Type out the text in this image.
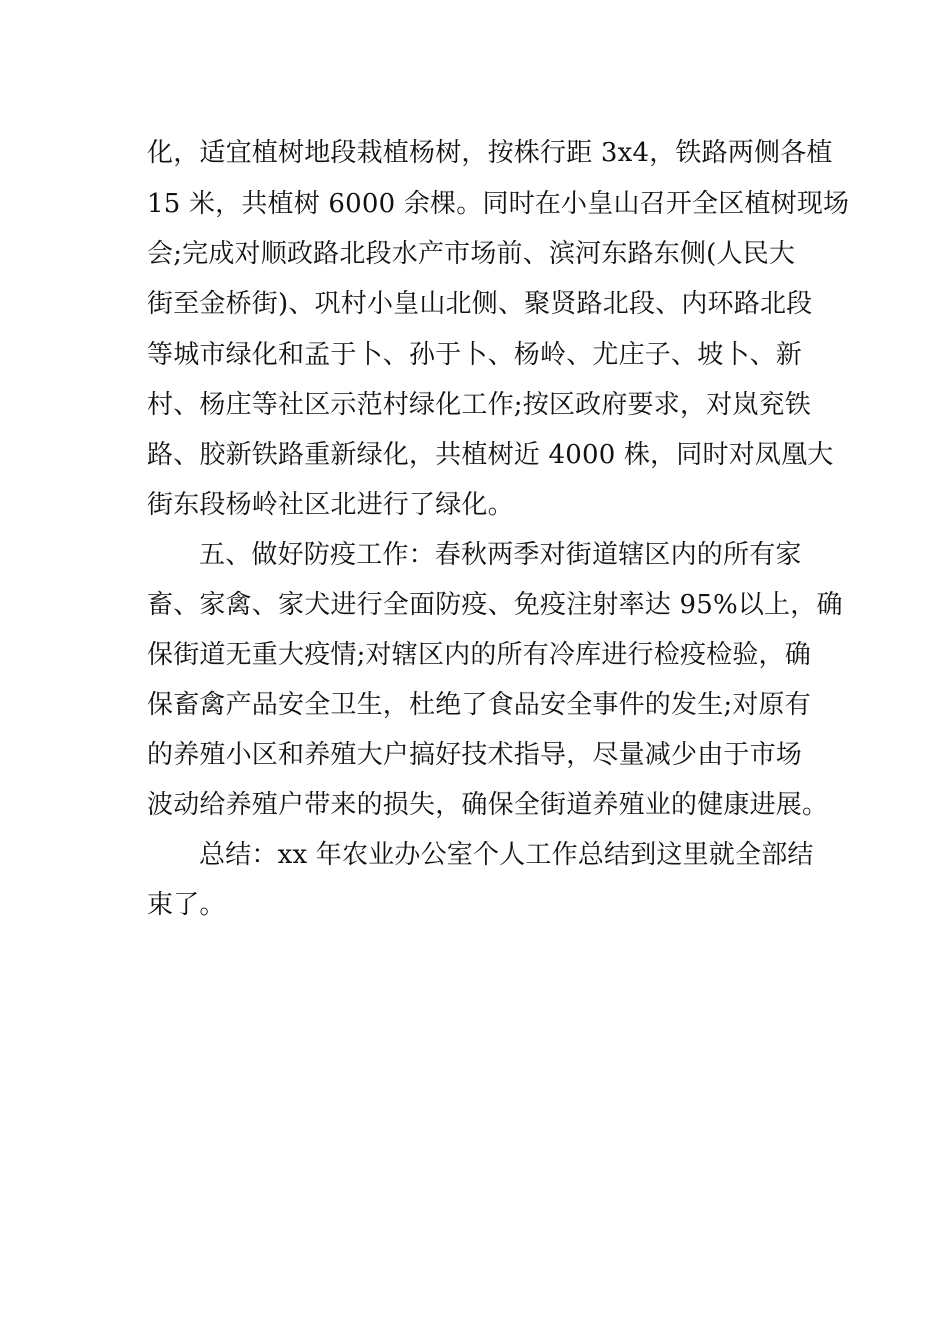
化，适宜植树地段栽植杨树，按株行距 3x4，铁路两侧各植
15 米，共植树 6000 余棵。同时在小皇山召开全区植树现场
会;完成对顺政路北段水产市场前、滨河东路东侧(人民大
街至金桥街)、巩村小皇山北侧、聚贤路北段、内环路北段
等城市绿化和孟于卜、孙于卜、杨岭、尤庄子、坡卜、新
村、杨庄等社区示范村绿化工作;按区政府要求，对岚兖铁
路、胶新铁路重新绿化，共植树近 4000 株，同时对凤凰大
街东段杨岭社区北进行了绿化。
五、做好防疫工作：春秋两季对街道辖区内的所有家
畜、家禽、家犬进行全面防疫、免疫注射率达 95%以上，确
保街道无重大疫情;对辖区内的所有冷库进行检疫检验，确
保畜禽产品安全卫生，杜绝了食品安全事件的发生;对原有
的养殖小区和养殖大户搞好技术指导，尽量减少由于市场
波动给养殖户带来的损失，确保全街道养殖业的健康进展。
总结：xx 年农业办公室个人工作总结到这里就全部结
束了。
